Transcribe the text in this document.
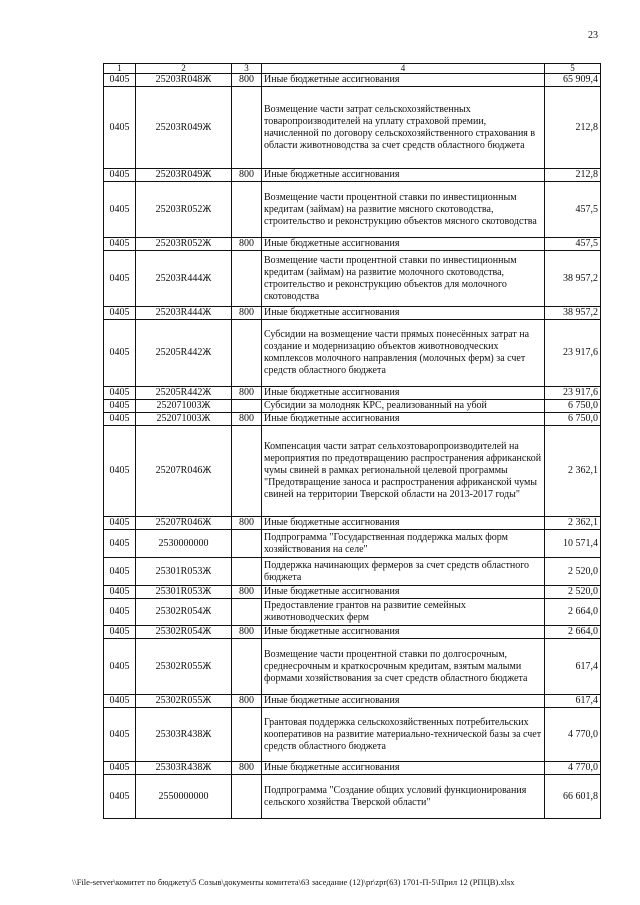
23
1	2	3	4	5
0405	25203R048Ж	800	Иные бюджетные ассигнования	65 909,4
0405	25203R049Ж		Возмещение части затрат сельскохозяйственных товаропроизводителей на уплату страховой премии, начисленной по договору сельскохозяйственного страхования в области животноводства за счет средств областного бюджета	212,8
0405	25203R049Ж	800	Иные бюджетные ассигнования	212,8
0405	25203R052Ж		Возмещение части процентной ставки по инвестиционным кредитам (займам) на развитие мясного скотоводства, строительство и реконструкцию объектов мясного скотоводства	457,5
0405	25203R052Ж	800	Иные бюджетные ассигнования	457,5
0405	25203R444Ж		Возмещение части процентной ставки по инвестиционным кредитам (займам) на развитие молочного скотоводства, строительство и реконструкцию объектов для молочного скотоводства	38 957,2
0405	25203R444Ж	800	Иные бюджетные ассигнования	38 957,2
0405	25205R442Ж		Субсидии на возмещение части прямых понесённых затрат на создание и модернизацию объектов животноводческих комплексов молочного направления (молочных ферм) за счет средств областного бюджета	23 917,6
0405	25205R442Ж	800	Иные бюджетные ассигнования	23 917,6
0405	252071003Ж		Субсидии за молодняк КРС, реализованный на убой	6 750,0
0405	252071003Ж	800	Иные бюджетные ассигнования	6 750,0
0405	25207R046Ж		Компенсация части затрат сельхозтоваропроизводителей на мероприятия по предотвращению распространения африканской чумы свиней в рамках региональной целевой программы "Предотвращение заноса и распространения африканской чумы свиней на территории Тверской области на 2013-2017 годы"	2 362,1
0405	25207R046Ж	800	Иные бюджетные ассигнования	2 362,1
0405	2530000000		Подпрограмма "Государственная поддержка малых форм хозяйствования на селе"	10 571,4
0405	25301R053Ж		Поддержка начинающих фермеров за счет средств областного бюджета	2 520,0
0405	25301R053Ж	800	Иные бюджетные ассигнования	2 520,0
0405	25302R054Ж		Предоставление грантов на развитие семейных животноводческих ферм	2 664,0
0405	25302R054Ж	800	Иные бюджетные ассигнования	2 664,0
0405	25302R055Ж		Возмещение части процентной ставки по долгосрочным, среднесрочным и краткосрочным кредитам, взятым малыми формами хозяйствования за счет средств областного бюджета	617,4
0405	25302R055Ж	800	Иные бюджетные ассигнования	617,4
0405	25303R438Ж		Грантовая поддержка сельскохозяйственных потребительских кооперативов на развитие материально-технической базы за счет средств областного бюджета	4 770,0
0405	25303R438Ж	800	Иные бюджетные ассигнования	4 770,0
0405	2550000000		Подпрограмма "Создание общих условий функционирования сельского хозяйства Тверской области"	66 601,8
\\File-server\комитет по бюджету\5 Созыв\документы комитета\63 заседание (12)\pr\zpr(63) 1701-П-5\Прил 12 (РПЦВ).xlsx
